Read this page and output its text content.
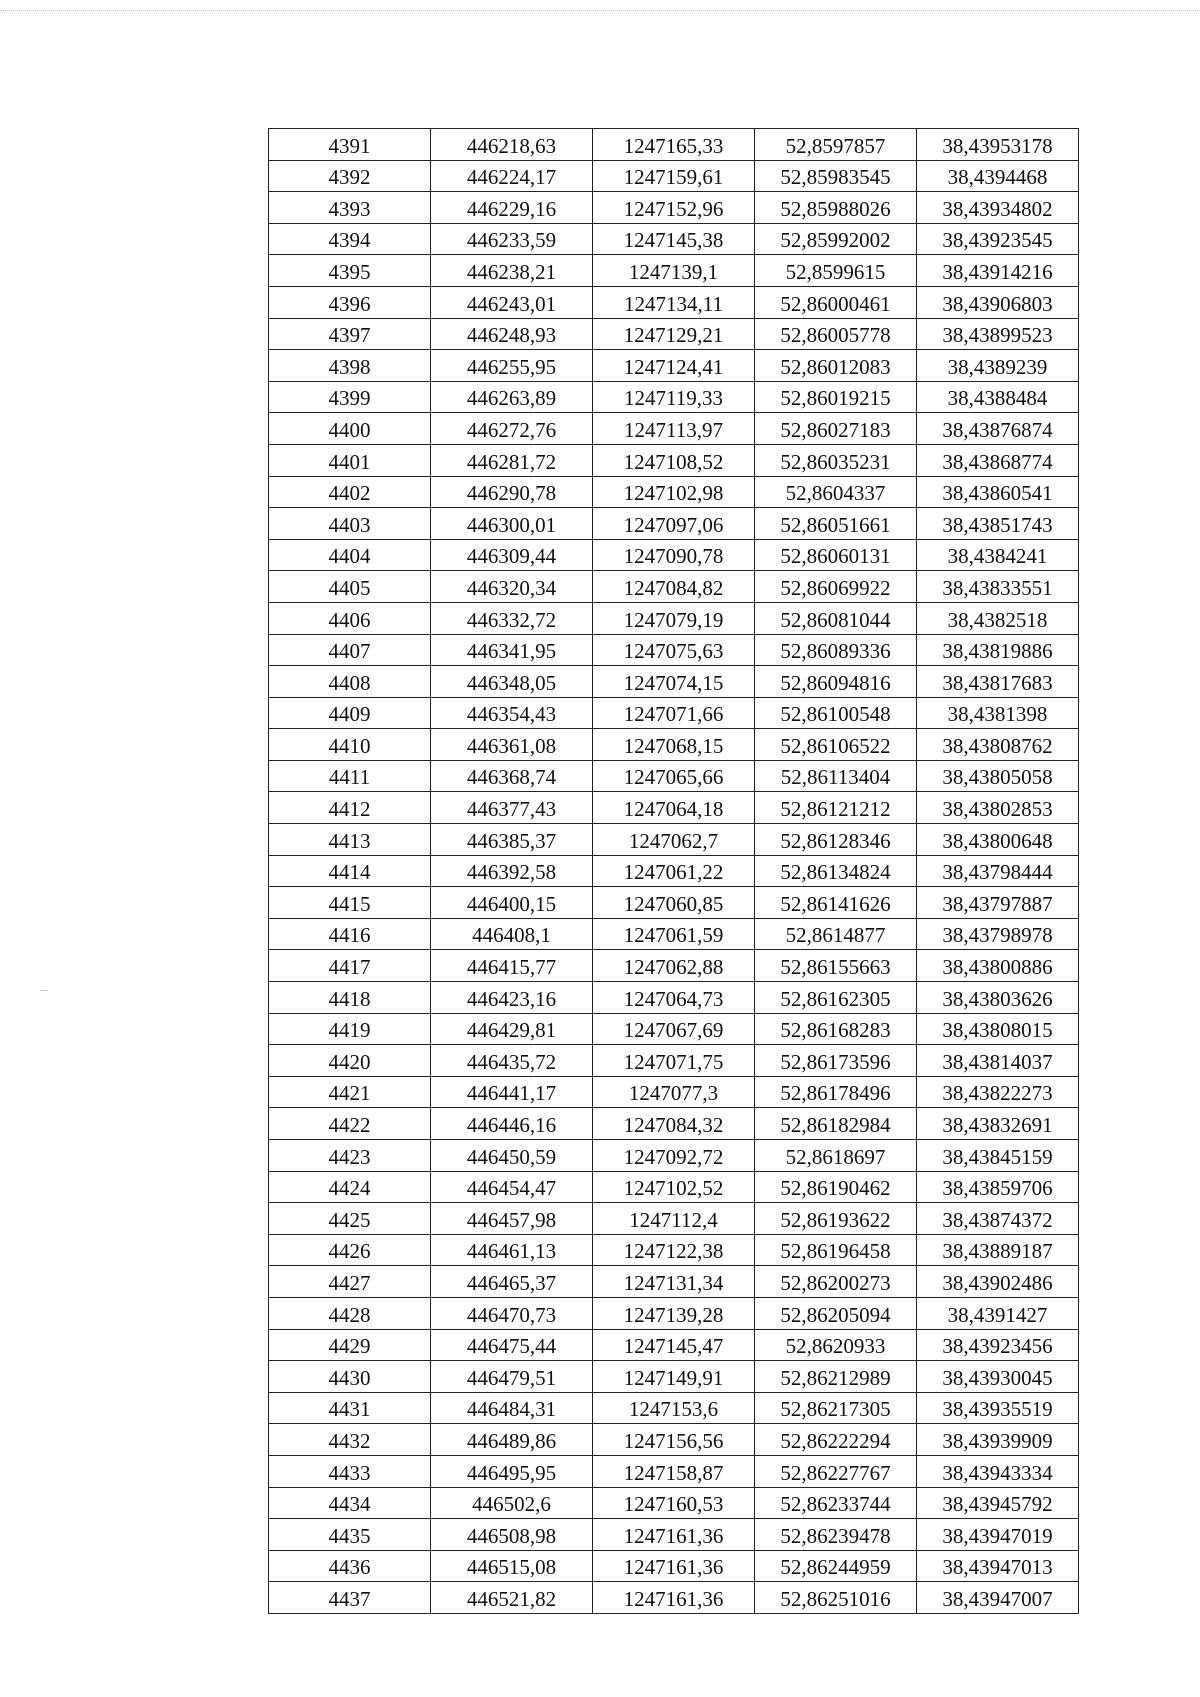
4391	446218,63	1247165,33	52,8597857	38,43953178
4392	446224,17	1247159,61	52,85983545	38,4394468
4393	446229,16	1247152,96	52,85988026	38,43934802
4394	446233,59	1247145,38	52,85992002	38,43923545
4395	446238,21	1247139,1	52,8599615	38,43914216
4396	446243,01	1247134,11	52,86000461	38,43906803
4397	446248,93	1247129,21	52,86005778	38,43899523
4398	446255,95	1247124,41	52,86012083	38,4389239
4399	446263,89	1247119,33	52,86019215	38,4388484
4400	446272,76	1247113,97	52,86027183	38,43876874
4401	446281,72	1247108,52	52,86035231	38,43868774
4402	446290,78	1247102,98	52,8604337	38,43860541
4403	446300,01	1247097,06	52,86051661	38,43851743
4404	446309,44	1247090,78	52,86060131	38,4384241
4405	446320,34	1247084,82	52,86069922	38,43833551
4406	446332,72	1247079,19	52,86081044	38,4382518
4407	446341,95	1247075,63	52,86089336	38,43819886
4408	446348,05	1247074,15	52,86094816	38,43817683
4409	446354,43	1247071,66	52,86100548	38,4381398
4410	446361,08	1247068,15	52,86106522	38,43808762
4411	446368,74	1247065,66	52,86113404	38,43805058
4412	446377,43	1247064,18	52,86121212	38,43802853
4413	446385,37	1247062,7	52,86128346	38,43800648
4414	446392,58	1247061,22	52,86134824	38,43798444
4415	446400,15	1247060,85	52,86141626	38,43797887
4416	446408,1	1247061,59	52,8614877	38,43798978
4417	446415,77	1247062,88	52,86155663	38,43800886
4418	446423,16	1247064,73	52,86162305	38,43803626
4419	446429,81	1247067,69	52,86168283	38,43808015
4420	446435,72	1247071,75	52,86173596	38,43814037
4421	446441,17	1247077,3	52,86178496	38,43822273
4422	446446,16	1247084,32	52,86182984	38,43832691
4423	446450,59	1247092,72	52,8618697	38,43845159
4424	446454,47	1247102,52	52,86190462	38,43859706
4425	446457,98	1247112,4	52,86193622	38,43874372
4426	446461,13	1247122,38	52,86196458	38,43889187
4427	446465,37	1247131,34	52,86200273	38,43902486
4428	446470,73	1247139,28	52,86205094	38,4391427
4429	446475,44	1247145,47	52,8620933	38,43923456
4430	446479,51	1247149,91	52,86212989	38,43930045
4431	446484,31	1247153,6	52,86217305	38,43935519
4432	446489,86	1247156,56	52,86222294	38,43939909
4433	446495,95	1247158,87	52,86227767	38,43943334
4434	446502,6	1247160,53	52,86233744	38,43945792
4435	446508,98	1247161,36	52,86239478	38,43947019
4436	446515,08	1247161,36	52,86244959	38,43947013
4437	446521,82	1247161,36	52,86251016	38,43947007
